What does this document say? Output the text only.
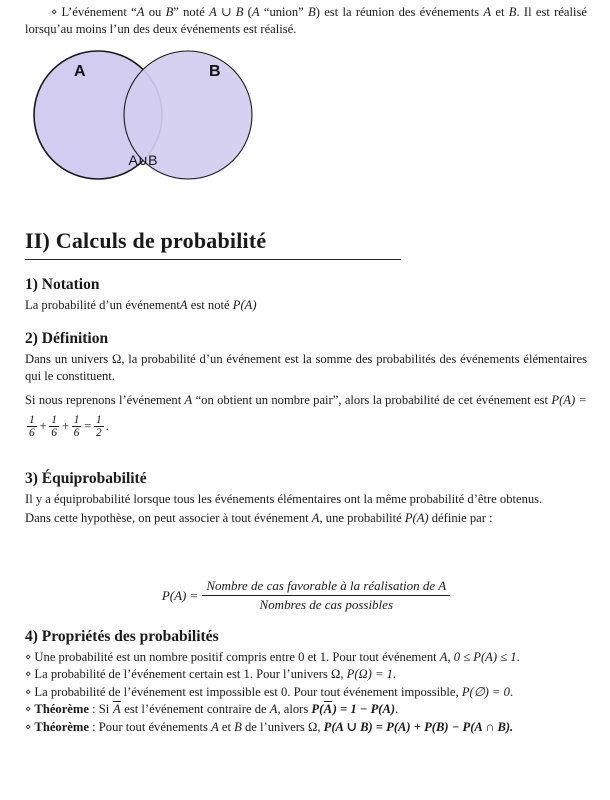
⋄ L’événement “A ou B” noté A ∪ B (A “union” B) est la réunion des événements A et B. Il est réalisé lorsqu’au moins l’un des deux événements est réalisé.

A	B
A∪B
II) Calculs de probabilité
1) Notation

La probabilité d’un événementA est noté P(A)

2) Définition

Dans un univers Ω, la probabilité d’un événement est la somme des probabilités des événements élémentaires qui le constituent.

Si nous reprenons l’événement A “on obtient un nombre pair”, alors la probabilité de cet événement est P(A) =
$\frac{1}{6} + \frac{1}{6} + \frac{1}{6} = \frac{1}{2}$ .

3) Équiprobabilité

Il y a équiprobabilité lorsque tous les événements élémentaires ont la même probabilité d’être obtenus.

Dans cette hypothèse, on peut associer à tout événement A, une probabilité P(A) définie par :

$P(A) = \frac{\text{Nombre de cas favorable à la réalisation de A}}{\text{Nombres de cas possibles}}$
4) Propriétés des probabilités

⋄ Une probabilité est un nombre positif compris entre 0 et 1. Pour tout événement A, 0 ≤ P(A) ≤ 1.

⋄ La probabilité de l’événement certain est 1. Pour l’univers Ω, P(Ω) = 1.

⋄ La probabilité de l’événement est impossible est 0. Pour tout événement impossible, P(∅) = 0.

⋄ Théorème : Si $\overline{A}$ est l’événement contraire de A, alors $P(\overline{A}) = 1 - P(A)$.

⋄ Théorème : Pour tout événements A et B de l’univers Ω, P(A ∪ B) = P(A) + P(B) − P(A ∩ B).
